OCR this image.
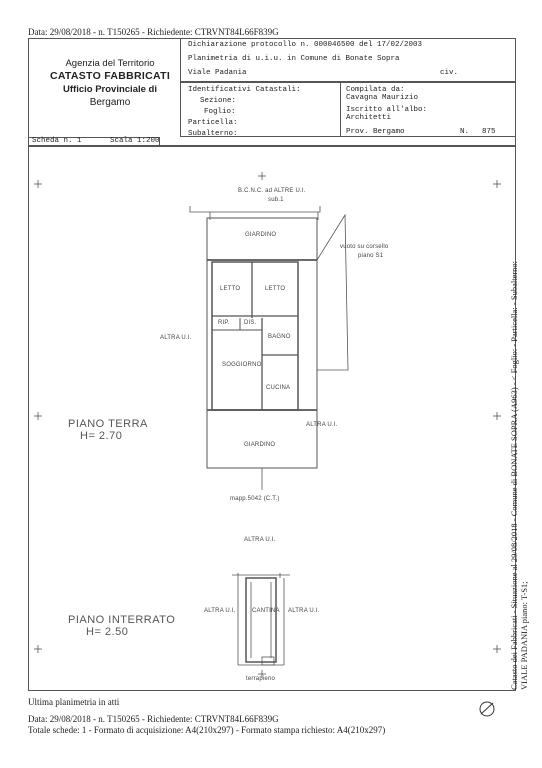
Data: 29/08/2018 - n. T150265 - Richiedente: CTRVNT84L66F839G
Agenzia del Territorio
CATASTO FABBRICATI
Ufficio Provinciale di
Bergamo
Dichiarazione protocollo n. 000046500 del 17/02/2003
Planimetria di u.i.u. in Comune di Bonate Sopra
Viale Padania	civ.
Identificativi Catastali:
Sezione:
Foglio:
Particella:
Subalterno:
Compilata da:
Cavagna Maurizio
Iscritto all'albo:
Architetti
Prov. Bergamo	N. 875
Scheda n. 1	Scala 1:200
B.C.N.C. ad ALTRE U.I.
sub.1
GIARDINO
vuoto su corsello
piano S1
LETTO	LETTO
RIP. DIS.
BAGNO
SOGGIORNO
CUCINA
ALTRA U.I.
ALTRA U.I.
GIARDINO
mapp.5042 (C.T.)
PIANO TERRA
H= 2.70
ALTRA U.I.
ALTRA U.I.	CANTINA ALTRA U.I.
terrapieno
PIANO INTERRATO
H= 2.50	Catasto dei Fabbricati - Situazione al 29/08/2018 - Comune di BONATE SOPRA (A963) - < Foglio: - Particella: - Subalterno: VIALE PADANIA piano: T-S1;
Ultima planimetria in atti
Data: 29/08/2018 - n. T150265 - Richiedente: CTRVNT84L66F839G
Totale schede: 1 - Formato di acquisizione: A4(210x297) - Formato stampa richiesto: A4(210x297)
